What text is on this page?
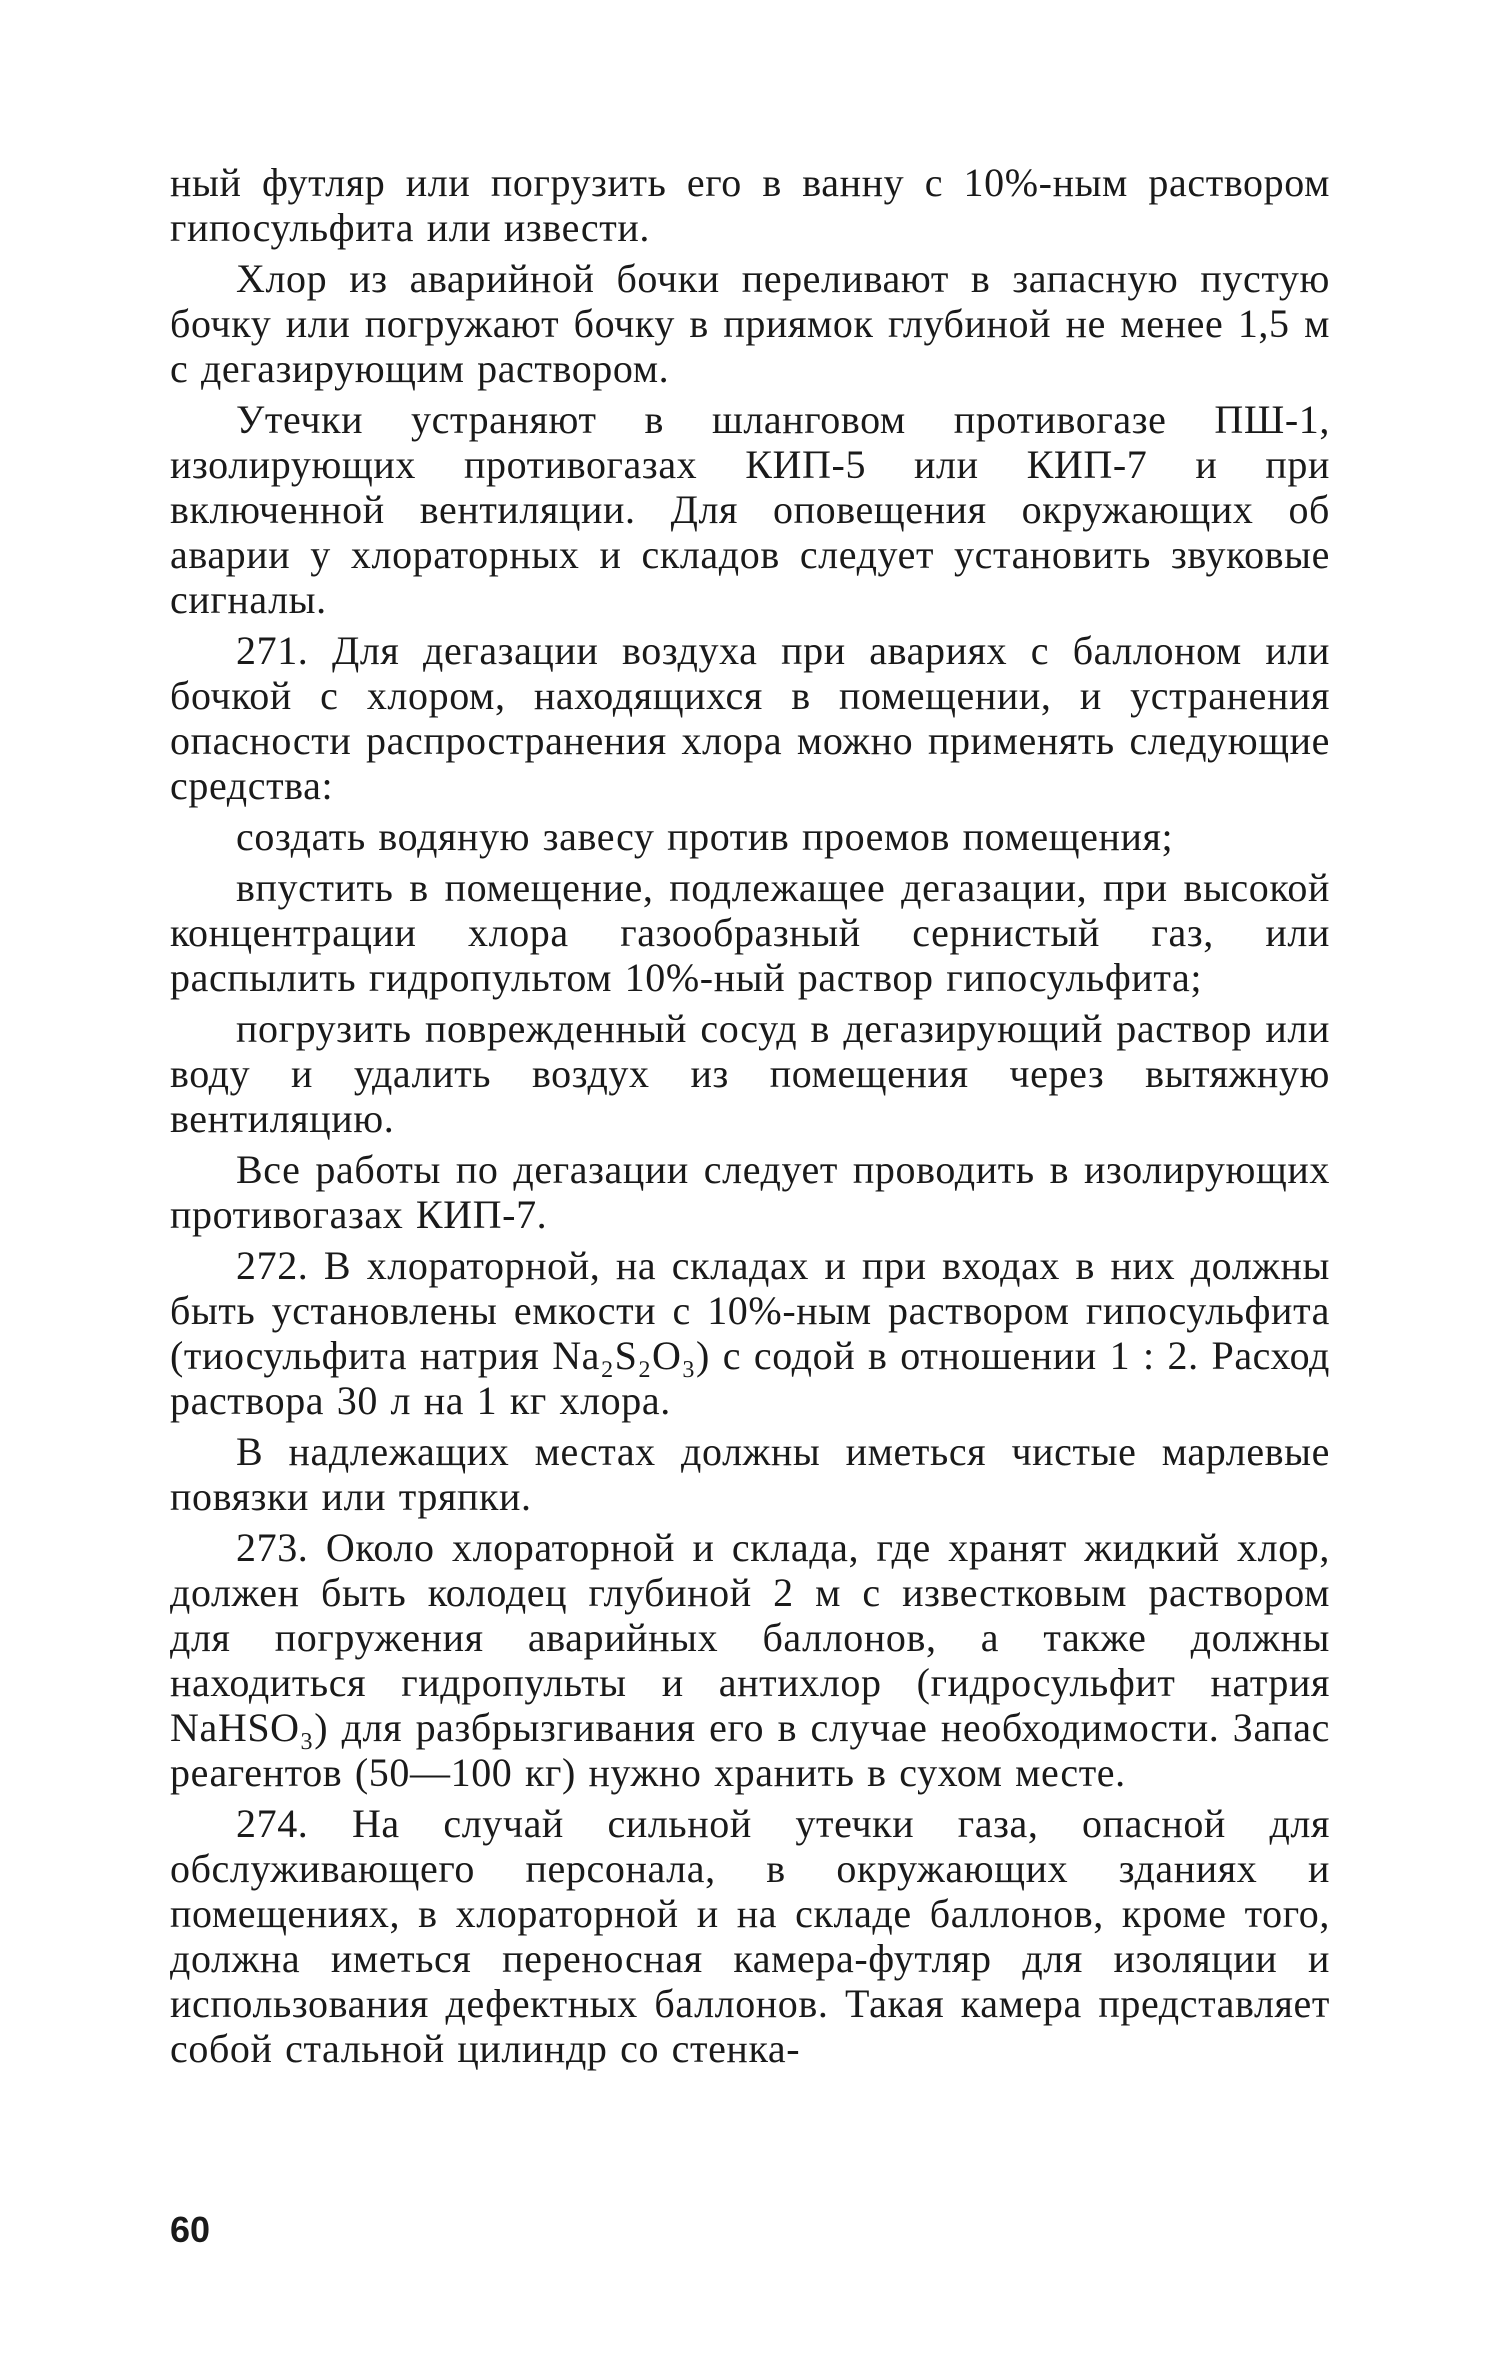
ный футляр или погрузить его в ванну с 10%-ным раствором гипосульфита или извести.

Хлор из аварийной бочки переливают в запасную пустую бочку или погружают бочку в приямок глубиной не менее 1,5 м с дегазирующим раствором.

Утечки устраняют в шланговом противогазе ПШ-1, изолирующих противогазах КИП-5 или КИП-7 и при включенной вентиляции. Для оповещения окружающих об аварии у хлораторных и складов следует установить звуковые сигналы.

271. Для дегазации воздуха при авариях с баллоном или бочкой с хлором, находящихся в помещении, и устранения опасности распространения хлора можно применять следующие средства:

создать водяную завесу против проемов помещения;

впустить в помещение, подлежащее дегазации, при высокой концентрации хлора газообразный сернистый газ, или распылить гидропультом 10%-ный раствор гипосульфита;

погрузить поврежденный сосуд в дегазирующий раствор или воду и удалить воздух из помещения через вытяжную вентиляцию.

Все работы по дегазации следует проводить в изолирующих противогазах КИП-7.

272. В хлораторной, на складах и при входах в них должны быть установлены емкости с 10%-ным раствором гипосульфита (тиосульфита натрия Na₂S₂O₃) с содой в отношении 1 : 2. Расход раствора 30 л на 1 кг хлора.

В надлежащих местах должны иметься чистые марлевые повязки или тряпки.

273. Около хлораторной и склада, где хранят жидкий хлор, должен быть колодец глубиной 2 м с известковым раствором для погружения аварийных баллонов, а также должны находиться гидропульты и антихлор (гидросульфит натрия NaHSO₃) для разбрызгивания его в случае необходимости. Запас реагентов (50—100 кг) нужно хранить в сухом месте.

274. На случай сильной утечки газа, опасной для обслуживающего персонала, в окружающих зданиях и помещениях, в хлораторной и на складе баллонов, кроме того, должна иметься переносная камера-футляр для изоляции и использования дефектных баллонов. Такая камера представляет собой стальной цилиндр со стенка-

60
